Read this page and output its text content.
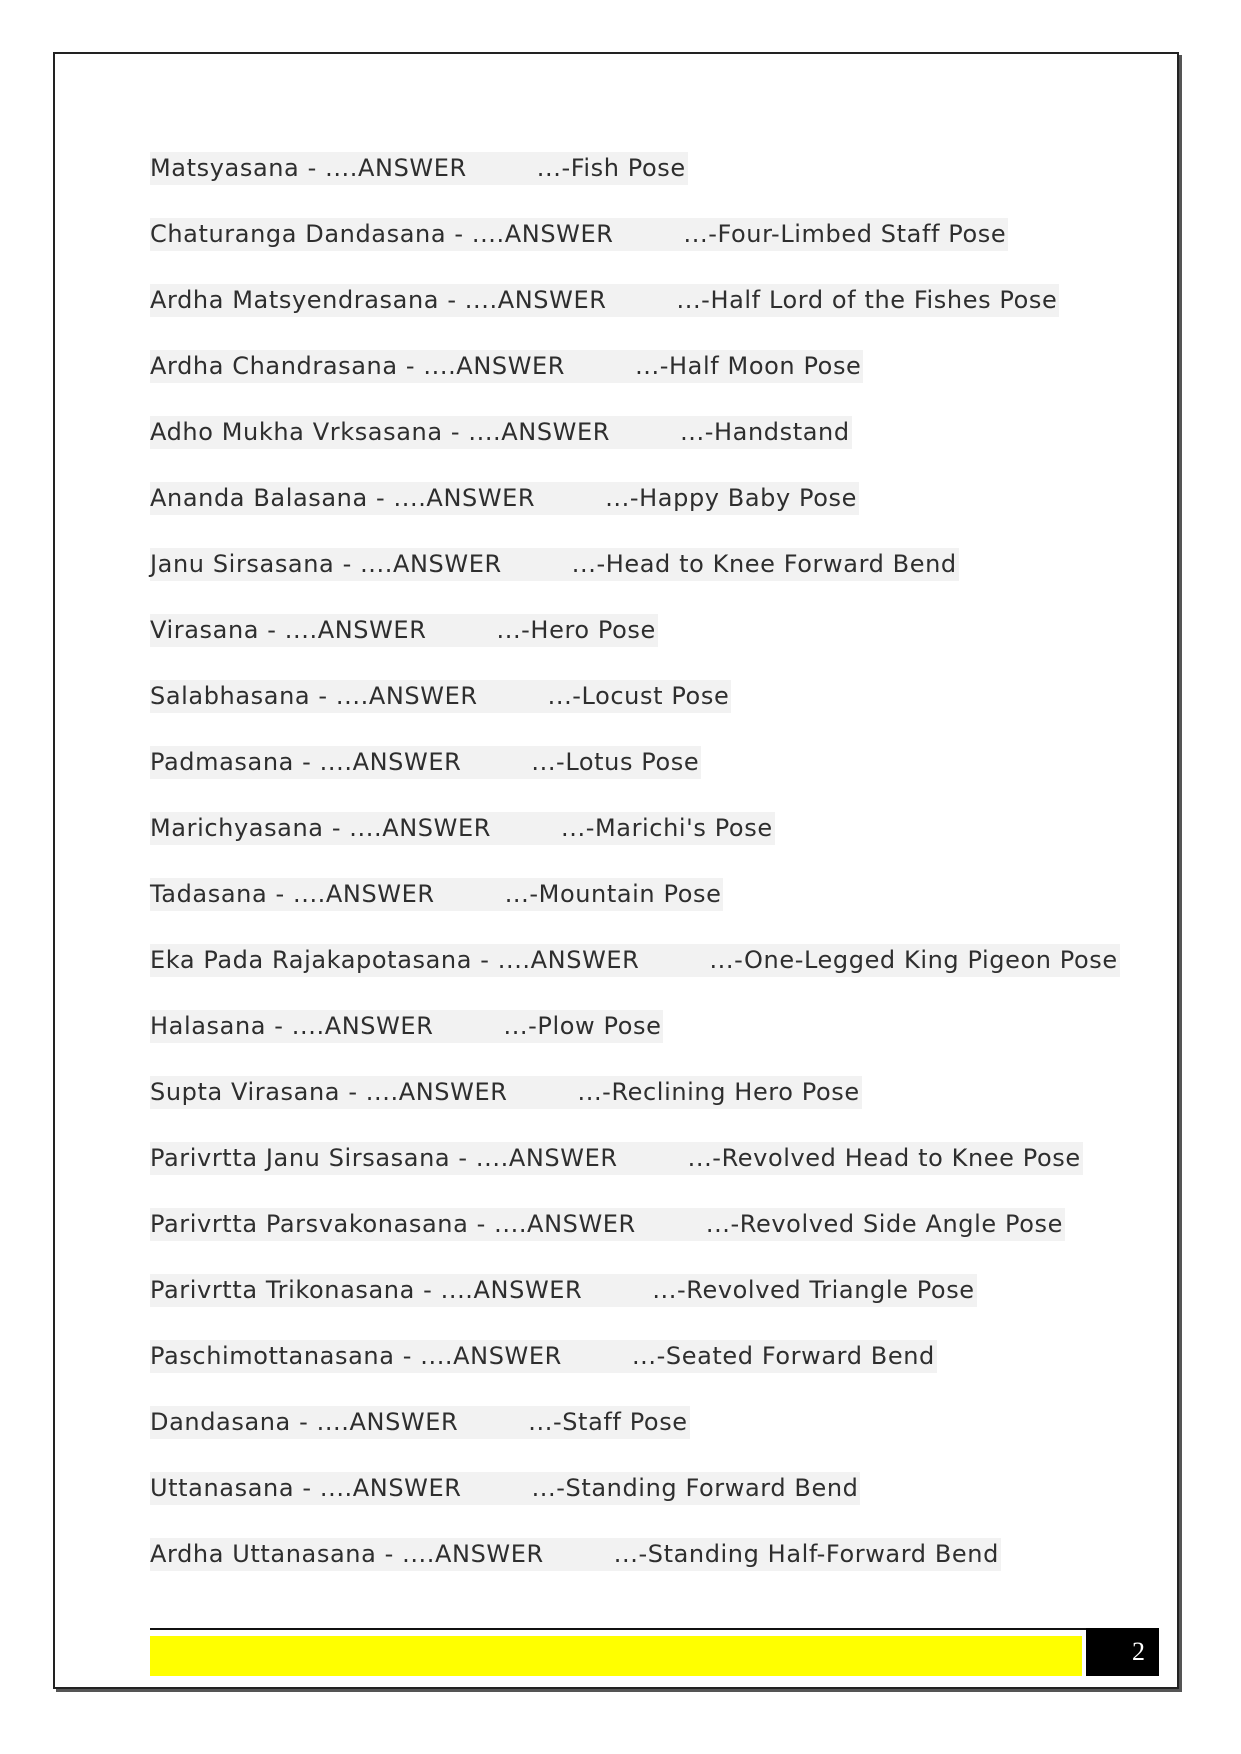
Matsyasana - ....ANSWER	...-Fish Pose
Chaturanga Dandasana - ....ANSWER	...-Four-Limbed Staff Pose
Ardha Matsyendrasana - ....ANSWER	...-Half Lord of the Fishes Pose
Ardha Chandrasana - ....ANSWER	...-Half Moon Pose
Adho Mukha Vrksasana - ....ANSWER	...-Handstand
Ananda Balasana - ....ANSWER	...-Happy Baby Pose
Janu Sirsasana - ....ANSWER	...-Head to Knee Forward Bend
Virasana - ....ANSWER	...-Hero Pose
Salabhasana - ....ANSWER	...-Locust Pose
Padmasana - ....ANSWER	...-Lotus Pose
Marichyasana - ....ANSWER	...-Marichi's Pose
Tadasana - ....ANSWER	...-Mountain Pose
Eka Pada Rajakapotasana - ....ANSWER	...-One-Legged King Pigeon Pose
Halasana - ....ANSWER	...-Plow Pose
Supta Virasana - ....ANSWER	...-Reclining Hero Pose
Parivrtta Janu Sirsasana - ....ANSWER	...-Revolved Head to Knee Pose
Parivrtta Parsvakonasana - ....ANSWER	...-Revolved Side Angle Pose
Parivrtta Trikonasana - ....ANSWER	...-Revolved Triangle Pose
Paschimottanasana - ....ANSWER	...-Seated Forward Bend
Dandasana - ....ANSWER	...-Staff Pose
Uttanasana - ....ANSWER	...-Standing Forward Bend
Ardha Uttanasana - ....ANSWER	...-Standing Half-Forward Bend
2
